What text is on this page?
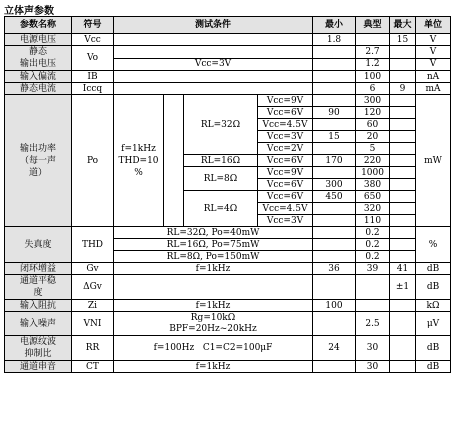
立体声参数
参数名称	符号	测试条件				最小	典型	最大	单位
电源电压	Vcc					1.8		15	V
静态
输出电压	Vo						2.7		V
		Vcc=3V					1.2		V
输入偏流	IB						100		nA
静态电流	Iccq						6	9	mA
输出功率
（每一声
道）	Po	f=1kHz
THD=10
%		RL=32Ω	Vcc=9V		300		mW
					Vcc=6V	90	120		
					Vcc=4.5V		60		
					Vcc=3V	15	20		
					Vcc=2V		5		
				RL=16Ω	Vcc=6V	170	220		
				RL=8Ω	Vcc=9V		1000		
					Vcc=6V	300	380		
				RL=4Ω	Vcc=6V	450	650		
					Vcc=4.5V		320		
					Vcc=3V		110		
失真度	THD	RL=32Ω, Po=40mW					0.2		%
		RL=16Ω, Po=75mW					0.2		
		RL=8Ω, Po=150mW					0.2		
闭环增益	Gv	f=1kHz				36	39	41	dB
通道平稳
度	ΔGv							±1	dB
输入阻抗	Zi	f=1kHz				100			kΩ
输入噪声	VNI	Rg=10kΩ
BPF=20Hz~20kHz					2.5		μV
电源纹波
抑制比	RR	f=100Hz   C1=C2=100μF				24	30		dB
通道串音	CT	f=1kHz					30		dB
